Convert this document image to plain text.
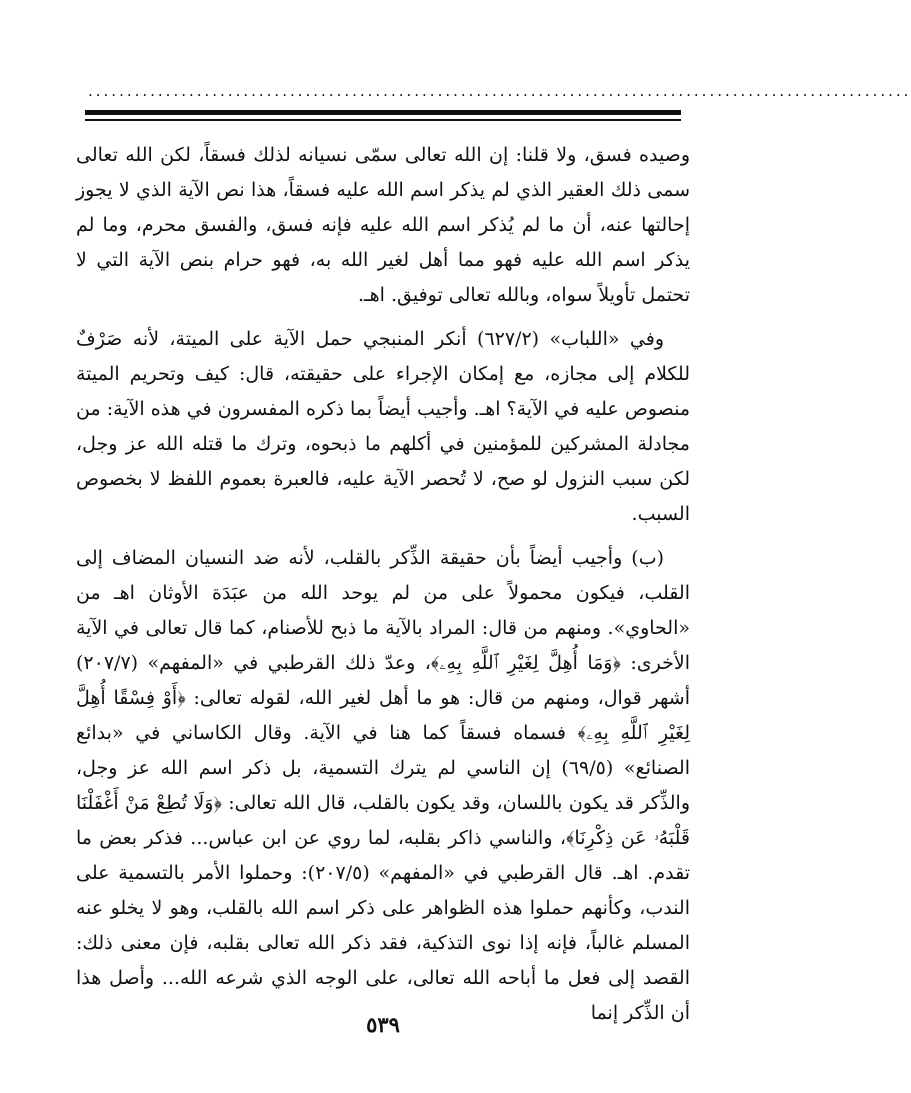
..........................................................................................................

وصيده فسق، ولا قلنا: إن الله تعالى سمّى نسيانه لذلك فسقاً، لكن الله تعالى سمى ذلك العقير الذي لم يذكر اسم الله عليه فسقاً، هذا نص الآية الذي لا يجوز إحالتها عنه، أن ما لم يُذكر اسم الله عليه فإنه فسق، والفسق محرم، وما لم يذكر اسم الله عليه فهو مما أهل لغير الله به، فهو حرام بنص الآية التي لا تحتمل تأويلاً سواه، وبالله تعالى توفيق. اهـ.

وفي «اللباب» (٦٢٧/٢) أنكر المنبجي حمل الآية على الميتة، لأنه صَرْفٌ للكلام إلى مجازه، مع إمكان الإجراء على حقيقته، قال: كيف وتحريم الميتة منصوص عليه في الآية؟ اهـ. وأجيب أيضاً بما ذكره المفسرون في هذه الآية: من مجادلة المشركين للمؤمنين في أكلهم ما ذبحوه، وترك ما قتله الله عز وجل، لكن سبب النزول لو صح، لا تُحصر الآية عليه، فالعبرة بعموم اللفظ لا بخصوص السبب.

(ب) وأجيب أيضاً بأن حقيقة الذِّكر بالقلب، لأنه ضد النسيان المضاف إلى القلب، فيكون محمولاً على من لم يوحد الله من عبَدَة الأوثان اهـ من «الحاوي». ومنهم من قال: المراد بالآية ما ذبح للأصنام، كما قال تعالى في الآية الأخرى: ﴿وَمَا أُهِلَّ لِغَيْرِ ٱللَّهِ بِهِۦ﴾، وعدّ ذلك القرطبي في «المفهم» (٢٠٧/٧) أشهر قوال، ومنهم من قال: هو ما أهل لغير الله، لقوله تعالى: ﴿أَوْ فِسْقًا أُهِلَّ لِغَيْرِ ٱللَّهِ بِهِۦ﴾ فسماه فسقاً كما هنا في الآية. وقال الكاساني في «بدائع الصنائع» (٦٩/٥) إن الناسي لم يترك التسمية، بل ذكر اسم الله عز وجل، والذِّكر قد يكون باللسان، وقد يكون بالقلب، قال الله تعالى: ﴿وَلَا تُطِعْ مَنْ أَغْفَلْنَا قَلْبَهُۥ عَن ذِكْرِنَا﴾، والناسي ذاكر بقلبه، لما روي عن ابن عباس... فذكر بعض ما تقدم. اهـ. قال القرطبي في «المفهم» (٢٠٧/٥): وحملوا الأمر بالتسمية على الندب، وكأنهم حملوا هذه الظواهر على ذكر اسم الله بالقلب، وهو لا يخلو عنه المسلم غالباً، فإنه إذا نوى التذكية، فقد ذكر الله تعالى بقلبه، فإن معنى ذلك: القصد إلى فعل ما أباحه الله تعالى، على الوجه الذي شرعه الله... وأصل هذا أن الذِّكر إنما

٥٣٩
